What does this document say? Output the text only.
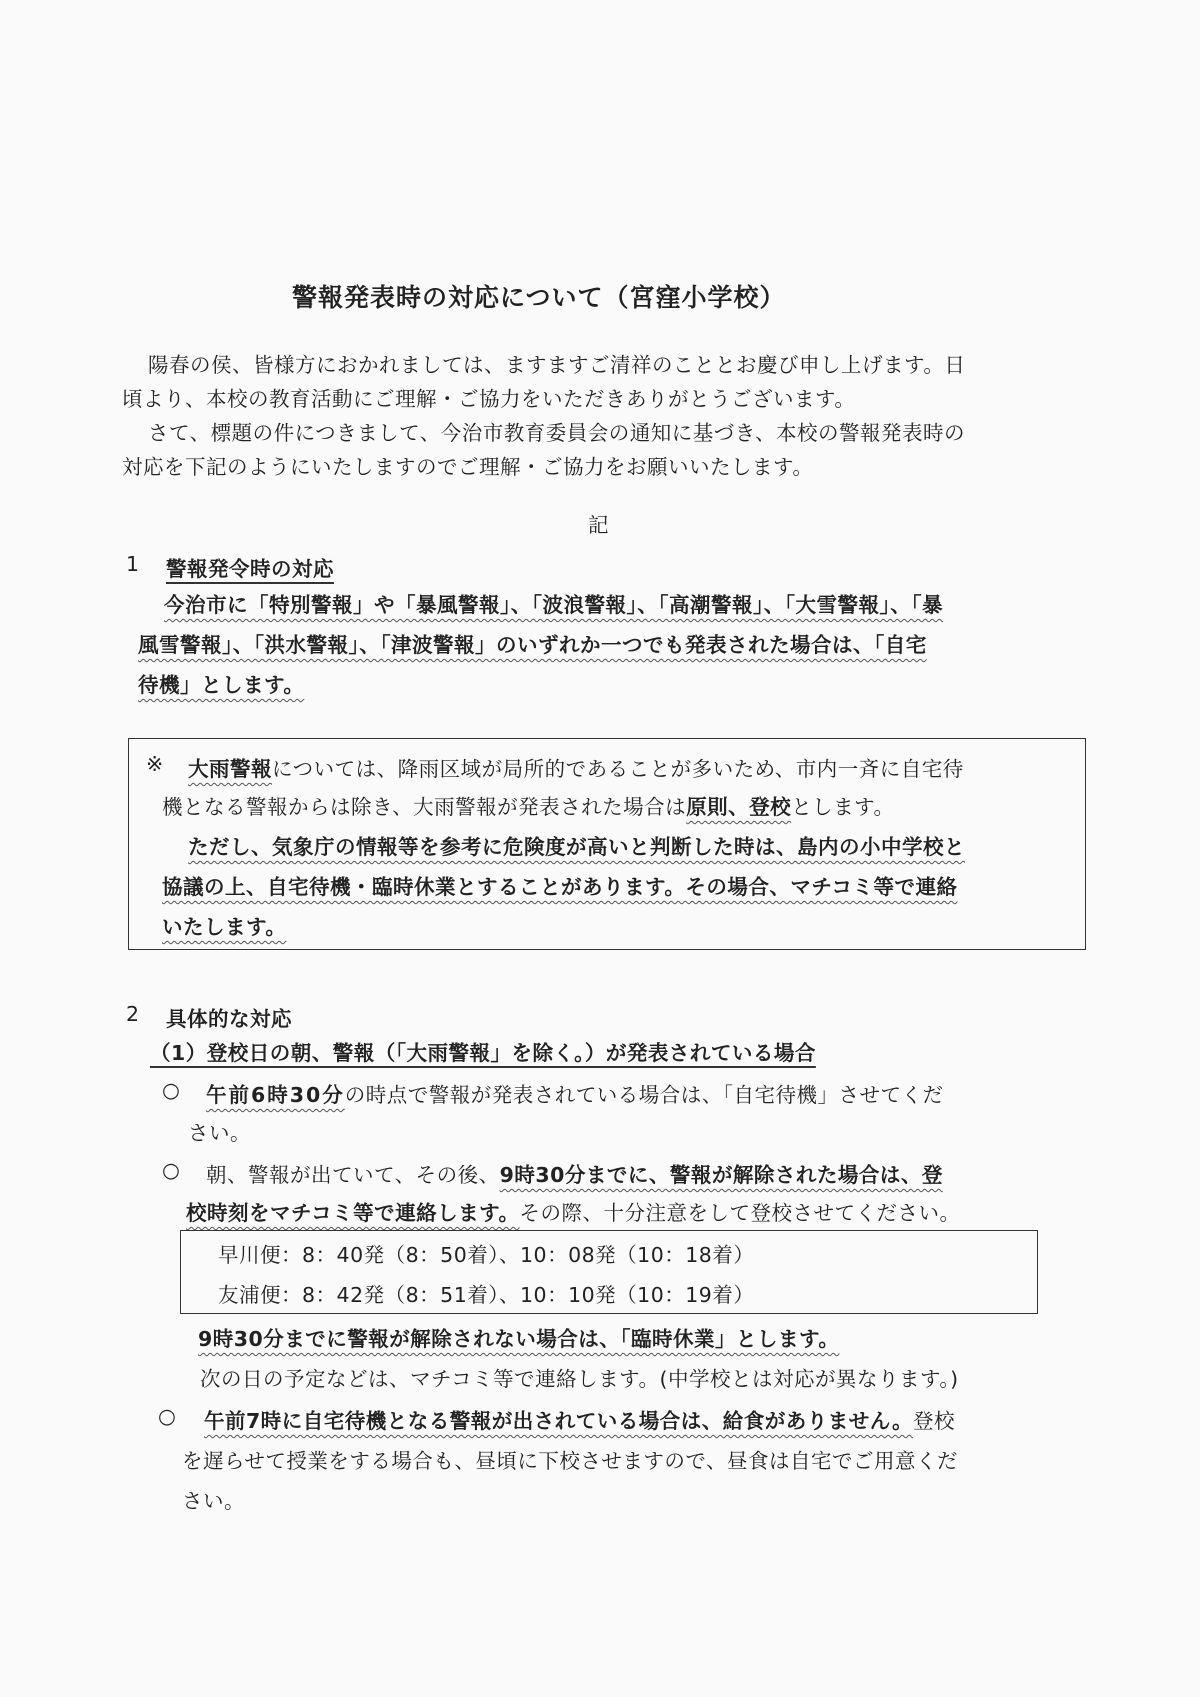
警報発表時の対応について（宮窪小学校）
陽春の侯、皆様方におかれましては、ますますご清祥のこととお慶び申し上げます。日
頃より、本校の教育活動にご理解・ご協力をいただきありがとうございます。
さて、標題の件につきまして、今治市教育委員会の通知に基づき、本校の警報発表時の
対応を下記のようにいたしますのでご理解・ご協力をお願いいたします。
記
1 警報発令時の対応
今治市に「特別警報」や「暴風警報」、「波浪警報」、「高潮警報」、「大雪警報」、「暴
風雪警報」、「洪水警報」、「津波警報」のいずれか一つでも発表された場合は、「自宅
待機」とします。
※ 大雨警報については、降雨区域が局所的であることが多いため、市内一斉に自宅待
機となる警報からは除き、大雨警報が発表された場合は原則、登校とします。
ただし、気象庁の情報等を参考に危険度が高いと判断した時は、島内の小中学校と
協議の上、自宅待機・臨時休業とすることがあります。その場合、マチコミ等で連絡
いたします。
2 具体的な対応
（1）登校日の朝、警報（「大雨警報」を除く。）が発表されている場合
○ 午前6時30分の時点で警報が発表されている場合は、「自宅待機」させてくだ
さい。
○ 朝、警報が出ていて、その後、9時30分までに、警報が解除された場合は、登
校時刻をマチコミ等で連絡します。その際、十分注意をして登校させてください。
早川便：8：40発（8：50着）、10：08発（10：18着）
友浦便：8：42発（8：51着）、10：10発（10：19着）
9時30分までに警報が解除されない場合は、「臨時休業」とします。
次の日の予定などは、マチコミ等で連絡します。(中学校とは対応が異なります。)
○ 午前7時に自宅待機となる警報が出されている場合は、給食がありません。登校
を遅らせて授業をする場合も、昼頃に下校させますので、昼食は自宅でご用意くだ
さい。
